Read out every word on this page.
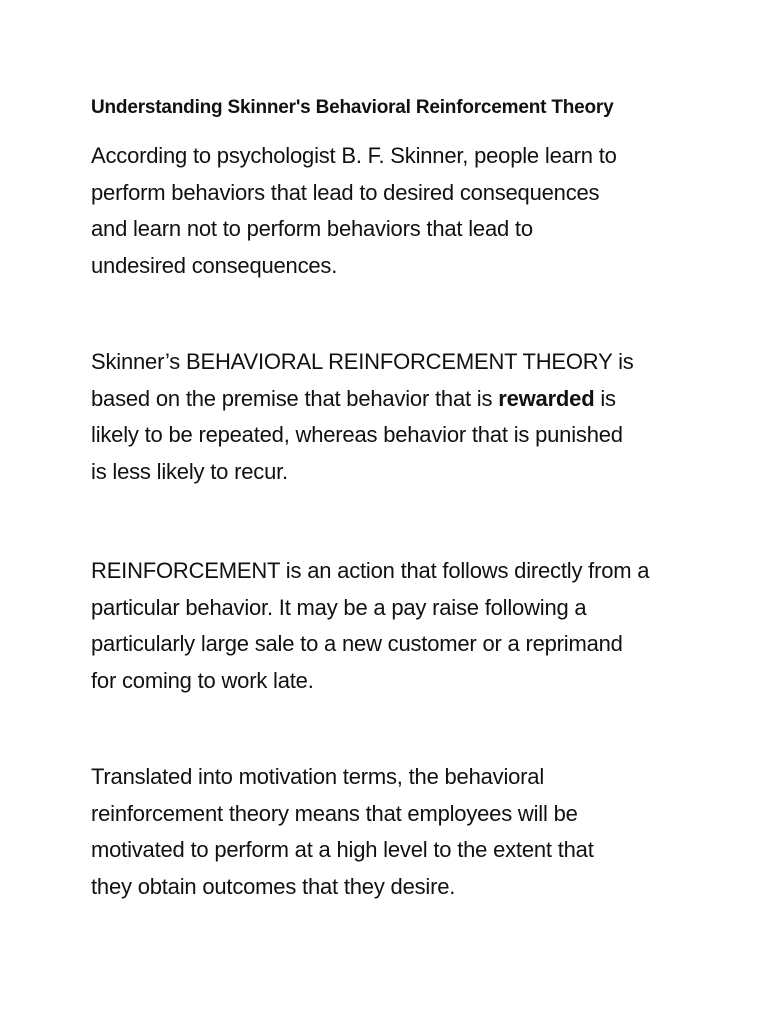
Understanding Skinner's Behavioral Reinforcement Theory

According to psychologist B. F. Skinner, people learn to
perform behaviors that lead to desired consequences
and learn not to perform behaviors that lead to
undesired consequences.

Skinner’s BEHAVIORAL REINFORCEMENT THEORY is
based on the premise that behavior that is rewarded is
likely to be repeated, whereas behavior that is punished
is less likely to recur.

REINFORCEMENT is an action that follows directly from a
particular behavior. It may be a pay raise following a
particularly large sale to a new customer or a reprimand
for coming to work late.

Translated into motivation terms, the behavioral
reinforcement theory means that employees will be
motivated to perform at a high level to the extent that
they obtain outcomes that they desire.
